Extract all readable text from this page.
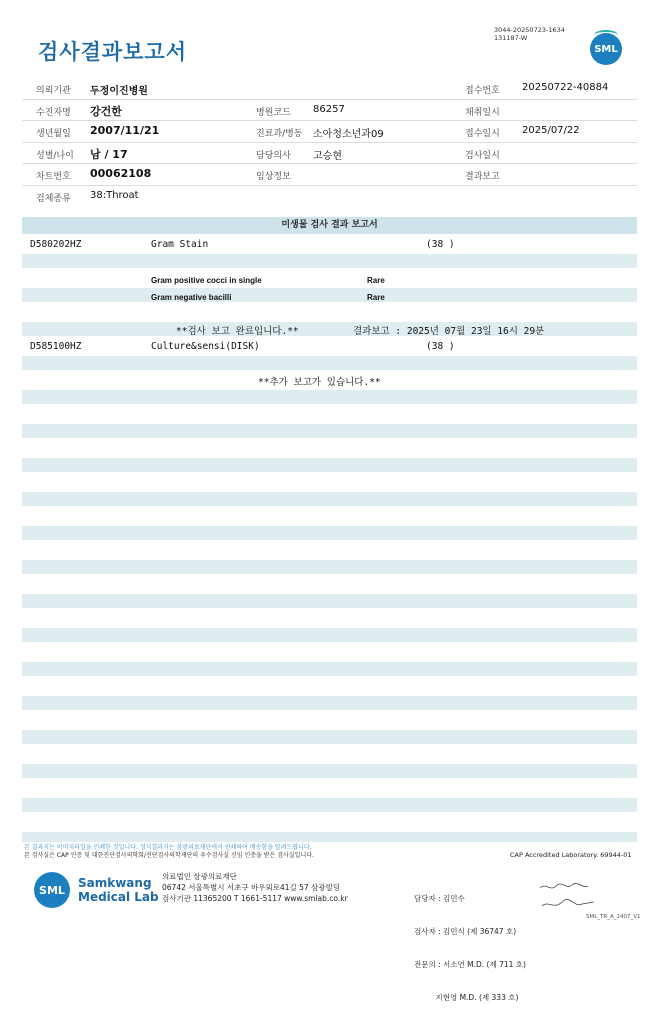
검사결과보고서
3044-20250723-1634
131187-W
SML
의뢰기관 두정이진병원	접수번호 20250722-40884
수진자명 강건한	병원코드 86257	채취일시
생년월일 2007/11/21	진료과/병동 소아청소년과09	접수일시 2025/07/22
성별/나이 남 / 17	담당의사 고승현	검사일시
차트번호 00062108	임상정보	결과보고
검체종류 38:Throat
미생물 검사 결과 보고서
D580202HZ	Gram Stain	(38 )
Gram positive cocci in single	Rare
Gram negative bacilli	Rare
**검사 보고 완료입니다.**	결과보고 : 2025년 07월 23일 16시 29분
D585100HZ	Culture&sensi(DISK)	(38 )
**추가 보고가 있습니다.**
본 결과지는 이미지파일을 인쇄한 것입니다. 정식결과지는 삼광의료재단에서 인쇄하여 배송함을 알려드립니다.
본 검사실은 CAP 인증 및 대한진단검사의학회/진단검사의학재단의 우수검사실 신임 인증을 받은 검사실입니다.	CAP Accredited Laboratory. 69944-01
SML	Samkwang
Medical Lab
의료법인 삼광의료재단
06742 서울특별시 서초구 바우뫼로41길 57 삼광빌딩
검사기관 11365200 T 1661-5117 www.smlab.co.kr

	담당자 : 김민수

검사자 : 김민식 (제 36747 호)

전문의 : 서소연 M.D. (제 711 호)

지현영 M.D. (제 333 호)

SML_TR_A_2407_V1
